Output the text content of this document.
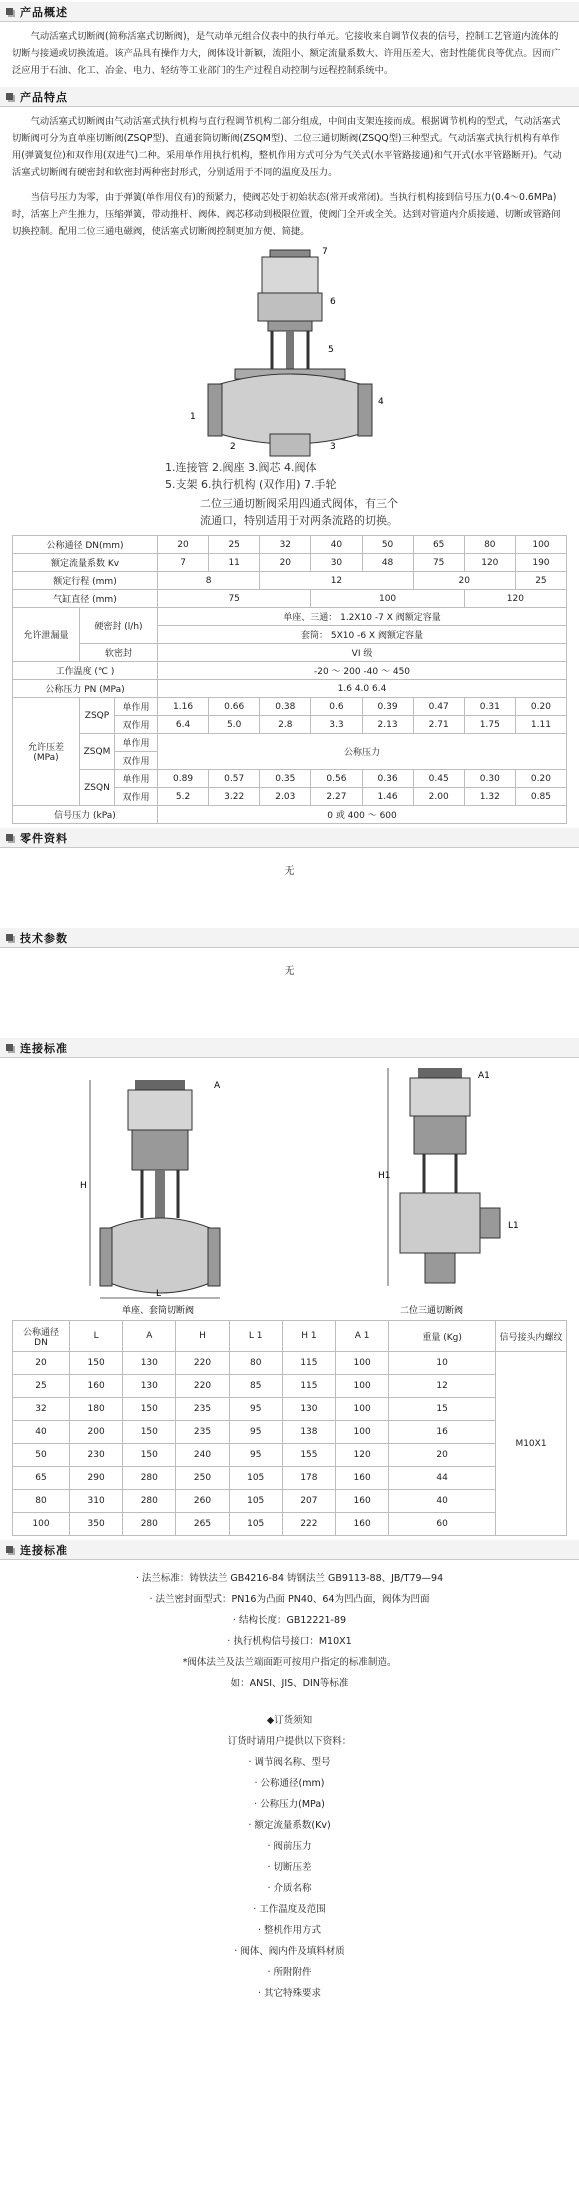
产品概述
气动活塞式切断阀(简称活塞式切断阀)，是气动单元组合仪表中的执行单元。它接收来自调节仪表的信号，控制工艺管道内流体的切断与接通或切换流道。该产品具有操作力大，阀体设计新颖，流阻小、额定流量系数大、许用压差大、密封性能优良等优点。因而广泛应用于石油、化工、冶金、电力、轻纺等工业部门的生产过程自动控制与远程控制系统中。
产品特点
气动活塞式切断阀由气动活塞式执行机构与直行程调节机构二部分组成，中间由支架连接而成。根据调节机构的型式，气动活塞式切断阀可分为直单座切断阀(ZSQP型)、直通套筒切断阀(ZSQM型)、二位三通切断阀(ZSQQ型)三种型式。气动活塞式执行机构有单作用(弹簧复位)和双作用(双进气)二种。采用单作用执行机构，整机作用方式可分为气关式(水平管路接通)和气开式(水平管路断开)。气动活塞式切断阀有硬密封和软密封两种密封形式，分别适用于不同的温度及压力。
当信号压力为零，由于弹簧(单作用仪有)的预紧力，使阀芯处于初始状态(常开或常闭)。当执行机构接到信号压力(0.4～0.6MPa)时，活塞上产生推力，压缩弹簧，带动推杆、阀体、阀芯移动到极限位置，使阀门全开或全关。达到对管道内介质接通、切断或管路间切换控制。配用二位三通电磁阀，使活塞式切断阀控制更加方便、简捷。
1
2	3
4
5
6
7
1.连接管 2.阀座 3.阀芯 4.阀体
5.支架 6.执行机构 (双作用) 7.手轮
二位三通切断阀采用四通式阀体，有三个
流通口，特别适用于对两条流路的切换。
公称通径 DN(mm)			20	25	32	40	50	65	80	100
额定流量系数 Kv			7	11	20	30	48	75	120	190
额定行程 (mm)			8		12			20		25
气缸直径 (mm)			75			100			120	
允许泄漏量	硬密封 (l/h)		单座、三通： 1.2X10 -7 X 阀额定容量							
			套筒： 5X10 -6 X 阀额定容量							
	软密封		VI 级							
工作温度 (℃ )			-20 ～ 200 -40 ～ 450							
公称压力 PN (MPa)			1.6 4.0 6.4							

允许压差
(MPa)	ZSQP	单作用	1.16	0.66	0.38	0.6	0.39	0.47	0.31	0.20
		双作用	6.4	5.0	2.8	3.3	2.13	2.71	1.75	1.11
	ZSQM	单作用	公称压力							
		双作用								
	ZSQN	单作用	0.89	0.57	0.35	0.56	0.36	0.45	0.30	0.20
		双作用	5.2	3.22	2.03	2.27	1.46	2.00	1.32	0.85
信号压力 (kPa)			0 或 400 ～ 600							
零件资料
无
技术参数
无
连接标准
H
L
A
单座、套筒切断阀
H1
L1
A1
二位三通切断阀
公称通径 DN	L	A	H	L 1	H 1	A 1	重量 (Kg)	信号接头内螺纹
20	150	130	220	80	115	100	10	M10X1
25	160	130	220	85	115	100	12	
32	180	150	235	95	130	100	15	
40	200	150	235	95	138	100	16	
50	230	150	240	95	155	120	20	
65	290	280	250	105	178	160	44	
80	310	280	260	105	207	160	40	
100	350	280	265	105	222	160	60	
连接标准
· 法兰标准：铸铁法兰 GB4216-84 铸钢法兰 GB9113-88、JB/T79—94
· 法兰密封面型式：PN16为凸面 PN40、64为凹凸面，阀体为凹面
· 结构长度：GB12221-89
· 执行机构信号接口：M10X1
*阀体法兰及法兰端面距可按用户指定的标准制造。
如：ANSI、JIS、DIN等标准
◆订货须知
订货时请用户提供以下资料：
· 调节阀名称、型号
· 公称通径(mm)
· 公称压力(MPa)
· 额定流量系数(Kv)
· 阀前压力
· 切断压差
· 介质名称
· 工作温度及范围
· 整机作用方式
· 阀体、阀内件及填料材质
· 所附附件
· 其它特殊要求
